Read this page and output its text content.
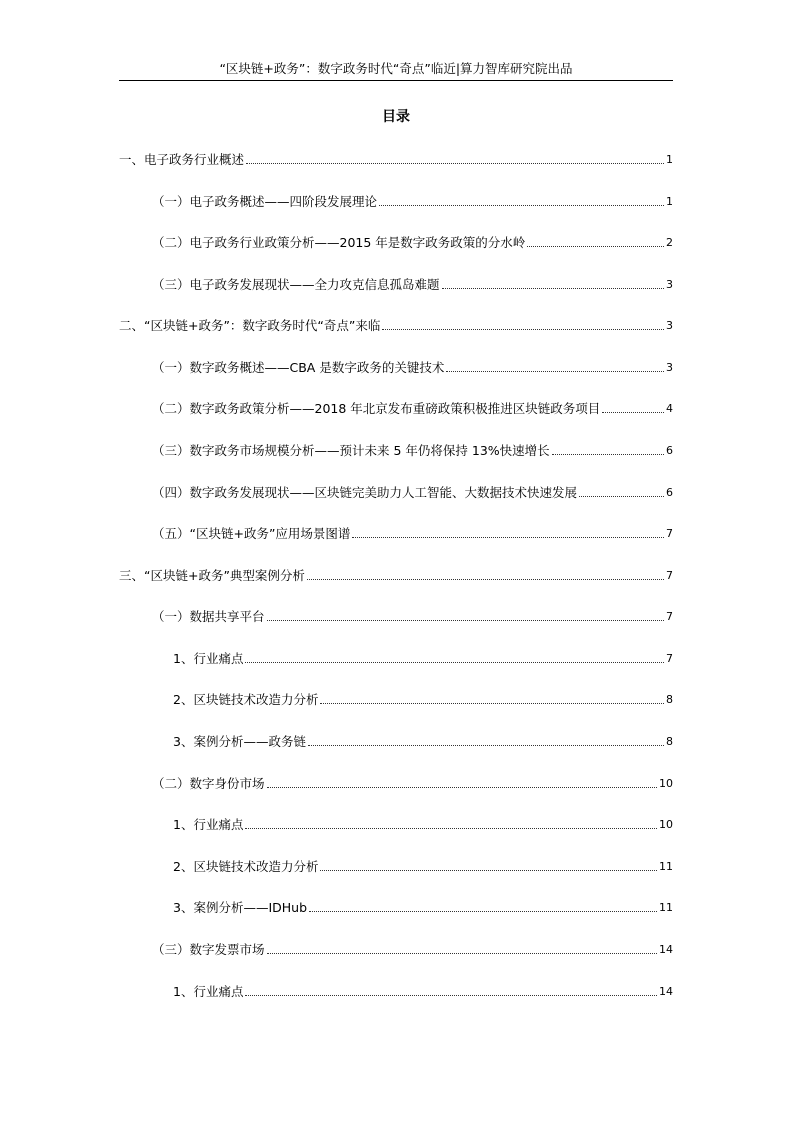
“区块链+政务”：数字政务时代“奇点”临近|算力智库研究院出品
目录
一、电子政务行业概述	1
（一）电子政务概述——四阶段发展理论	1
（二）电子政务行业政策分析——2015 年是数字政务政策的分水岭	2
（三）电子政务发展现状——全力攻克信息孤岛难题	3
二、“区块链+政务”：数字政务时代“奇点”来临	3
（一）数字政务概述——CBA 是数字政务的关键技术	3
（二）数字政务政策分析——2018 年北京发布重磅政策积极推进区块链政务项目	4
（三）数字政务市场规模分析——预计未来 5 年仍将保持 13%快速增长	6
（四）数字政务发展现状——区块链完美助力人工智能、大数据技术快速发展	6
（五）“区块链+政务”应用场景图谱	7
三、“区块链+政务”典型案例分析	7
（一）数据共享平台	7
1、行业痛点	7
2、区块链技术改造力分析	8
3、案例分析——政务链	8
（二）数字身份市场	10
1、行业痛点	10
2、区块链技术改造力分析	11
3、案例分析——IDHub	11
（三）数字发票市场	14
1、行业痛点	14
